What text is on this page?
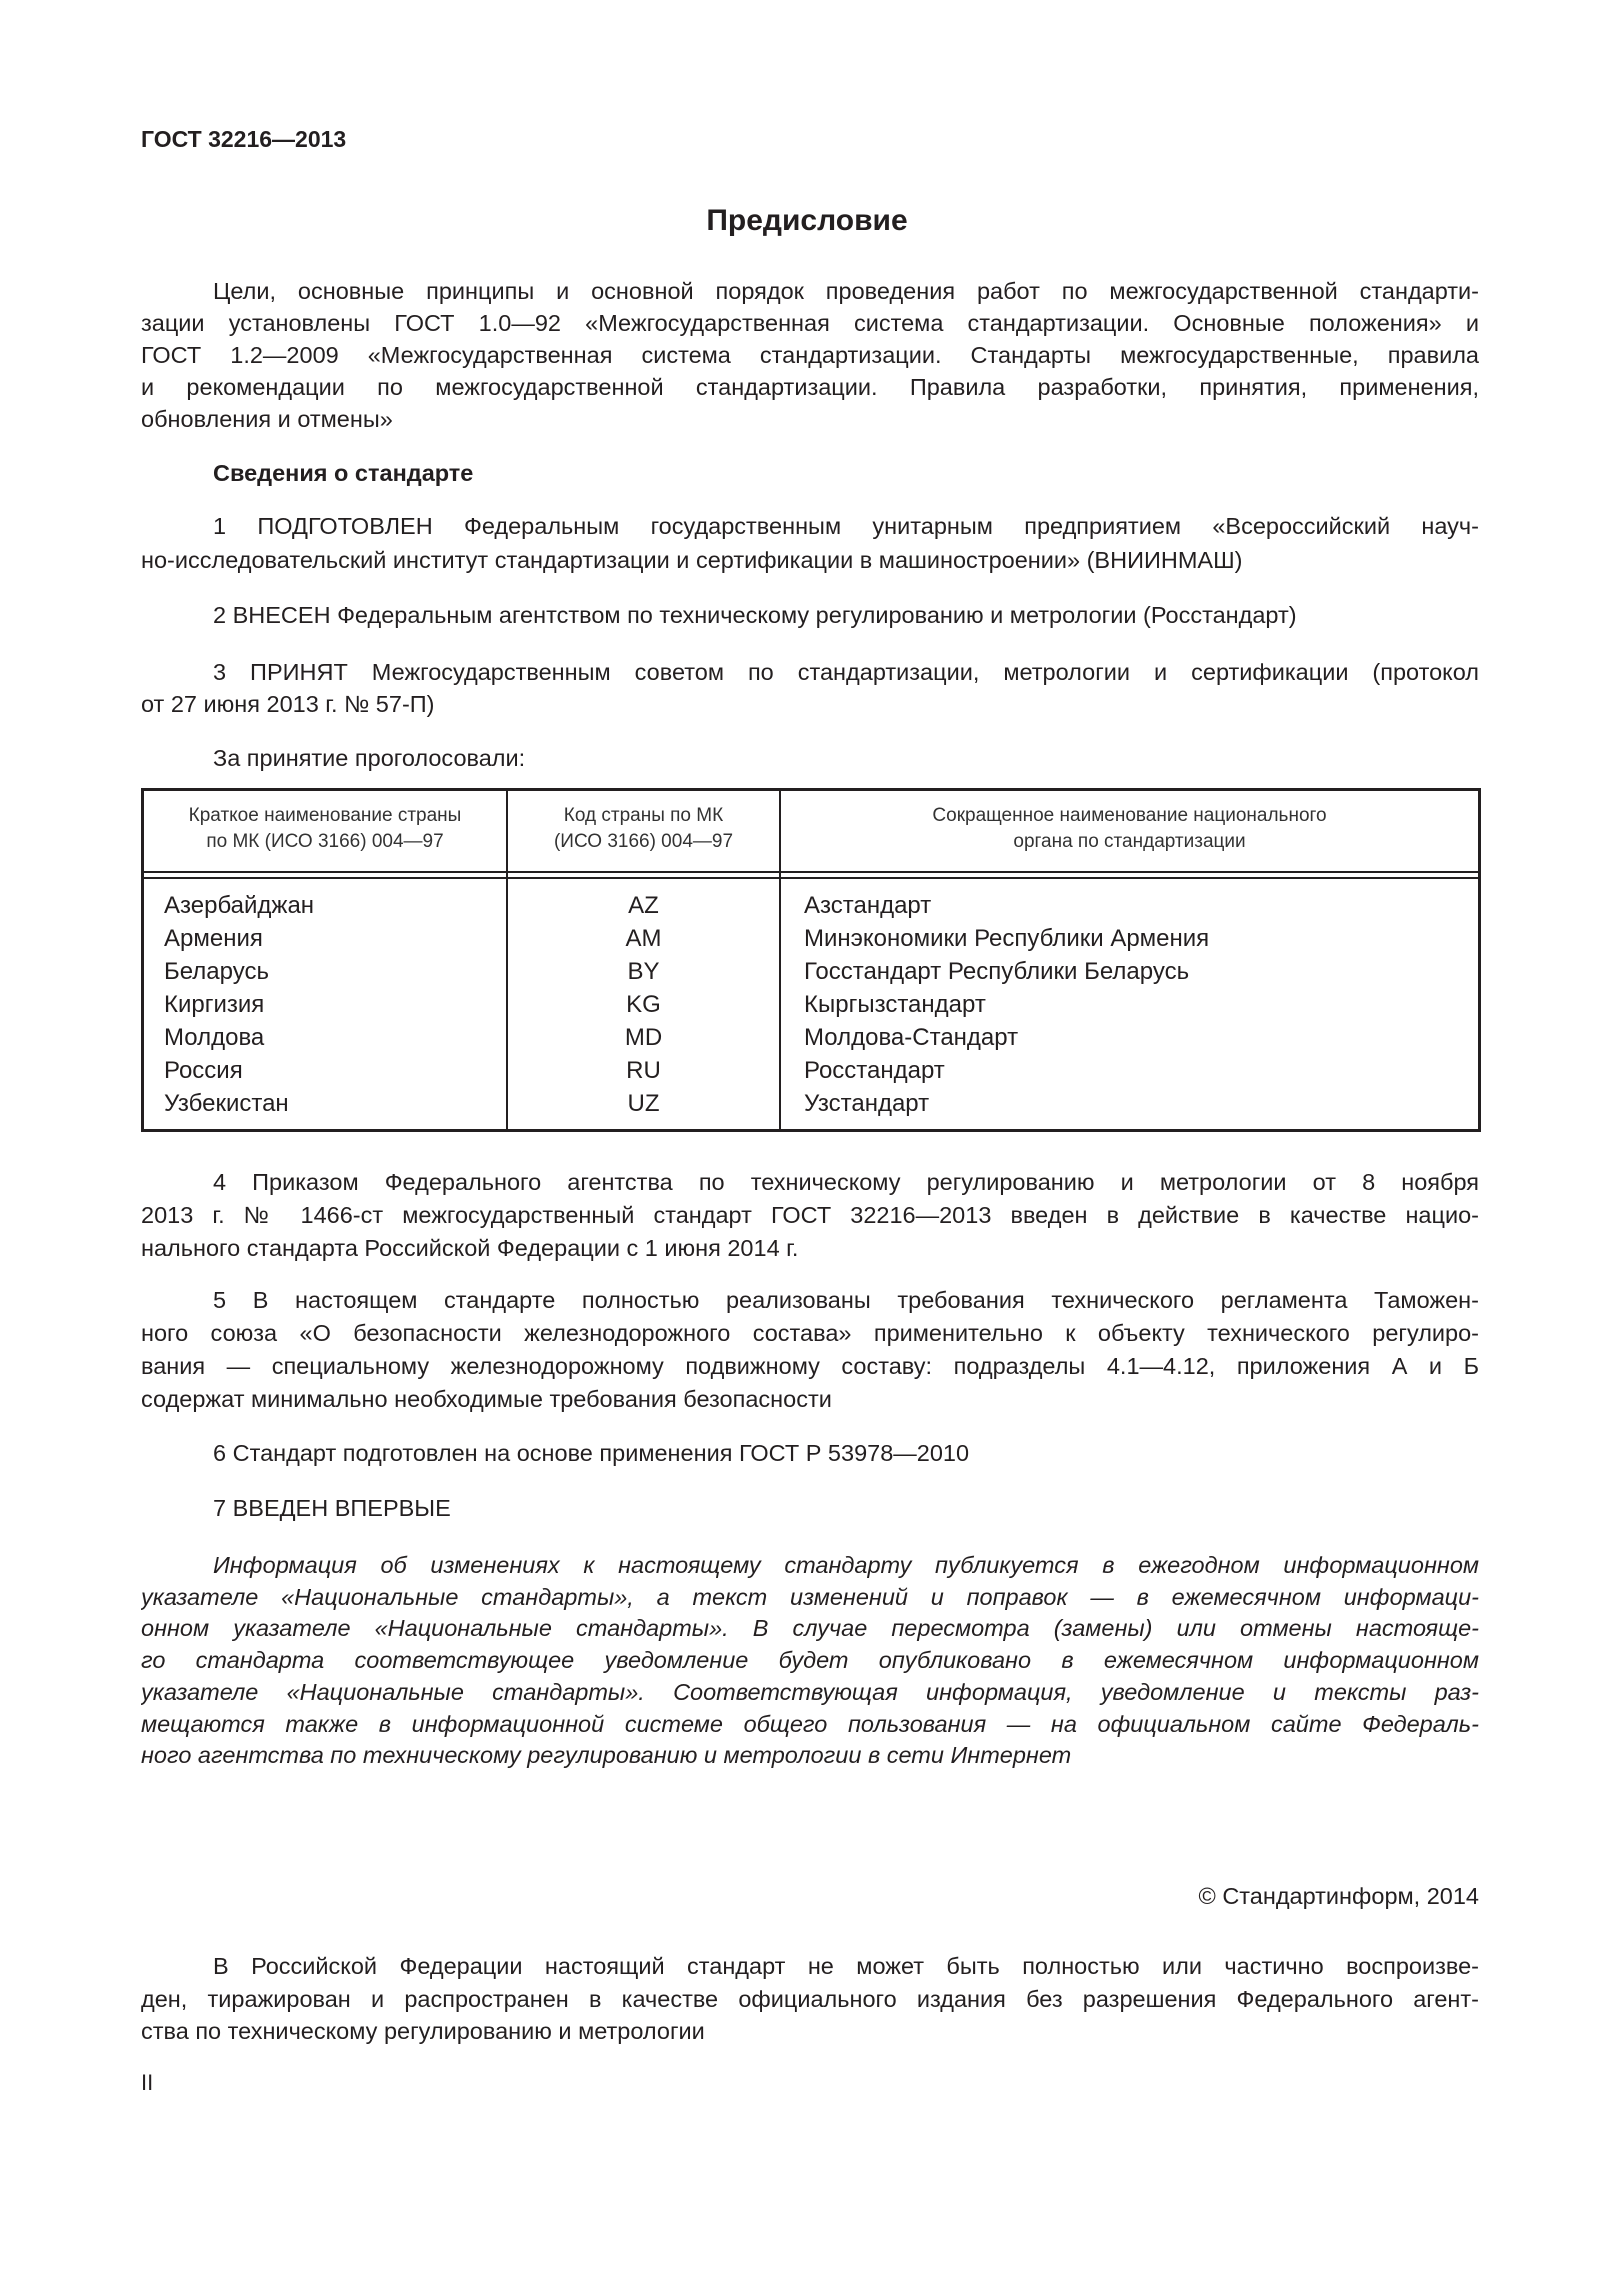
ГОСТ 32216—2013
Предисловие
Цели, основные принципы и основной порядок проведения работ по межгосударственной стандарти-
зации установлены ГОСТ 1.0—92 «Межгосударственная система стандартизации. Основные положения» и
ГОСТ 1.2—2009 «Межгосударственная система стандартизации. Стандарты межгосударственные, правила
и рекомендации по межгосударственной стандартизации. Правила разработки, принятия, применения,
обновления и отмены»
Сведения о стандарте
1 ПОДГОТОВЛЕН Федеральным государственным унитарным предприятием «Всероссийский науч-
но-исследовательский институт стандартизации и сертификации в машиностроении» (ВНИИНМАШ)
2 ВНЕСЕН Федеральным агентством по техническому регулированию и метрологии (Росстандарт)
3 ПРИНЯТ Межгосударственным советом по стандартизации, метрологии и сертификации (протокол
от 27 июня 2013 г. № 57-П)
За принятие проголосовали:
4 Приказом Федерального агентства по техническому регулированию и метрологии от 8 ноября
2013 г. № 1466-ст межгосударственный стандарт ГОСТ 32216—2013 введен в действие в качестве нацио-
нального стандарта Российской Федерации с 1 июня 2014 г.
5 В настоящем стандарте полностью реализованы требования технического регламента Таможен-
ного союза «О безопасности железнодорожного состава» применительно к объекту технического регулиро-
вания — специальному железнодорожному подвижному составу: подразделы 4.1—4.12, приложения А и Б
содержат минимально необходимые требования безопасности
6 Стандарт подготовлен на основе применения ГОСТ Р 53978—2010
7 ВВЕДЕН ВПЕРВЫЕ
Информация об изменениях к настоящему стандарту публикуется в ежегодном информационном
указателе «Национальные стандарты», а текст изменений и поправок — в ежемесячном информаци-
онном указателе «Национальные стандарты». В случае пересмотра (замены) или отмены настояще-
го стандарта соответствующее уведомление будет опубликовано в ежемесячном информационном
указателе «Национальные стандарты». Соответствующая информация, уведомление и тексты раз-
мещаются также в информационной системе общего пользования — на официальном сайте Федераль-
ного агентства по техническому регулированию и метрологии в сети Интернет
В Российской Федерации настоящий стандарт не может быть полностью или частично воспроизве-
ден, тиражирован и распространен в качестве официального издания без разрешения Федерального агент-
ства по техническому регулированию и метрологии
Краткое наименование страны
по МК (ИСО 3166) 004—97
Код страны по МК
(ИСО 3166) 004—97
Сокращенное наименование национального
органа по стандартизации
Азербайджан	AZ	Азстандарт
Армения	AM	Минэкономики Республики Армения
Беларусь	BY	Госстандарт Республики Беларусь
Киргизия	KG	Кыргызстандарт
Молдова	MD	Молдова-Стандарт
Россия	RU	Росстандарт
Узбекистан	UZ	Узстандарт
© Стандартинформ, 2014
II
